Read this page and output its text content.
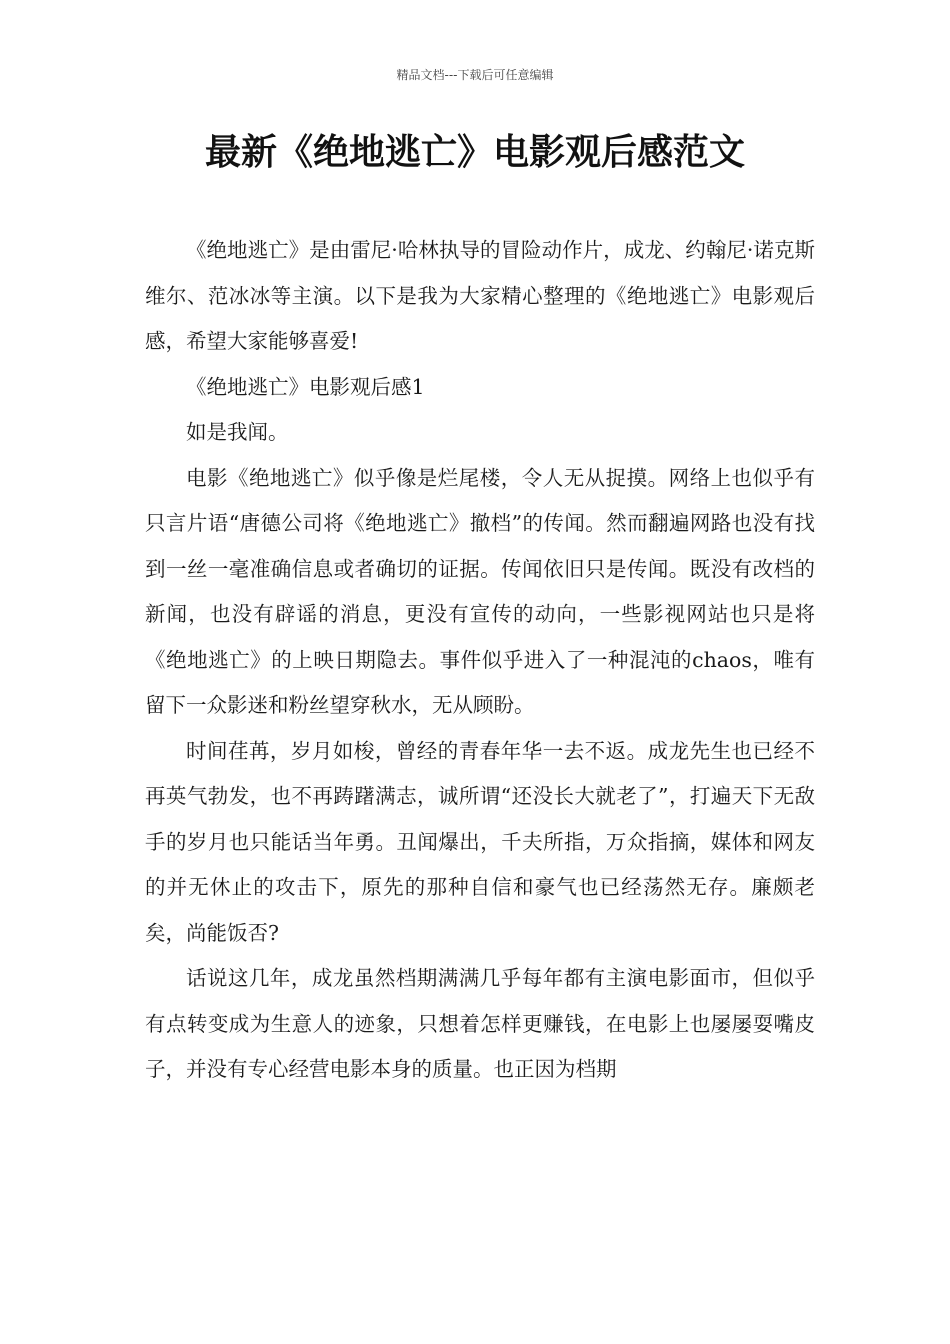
精品文档---下载后可任意编辑
最新《绝地逃亡》电影观后感范文

《绝地逃亡》是由雷尼·哈林执导的冒险动作片，成龙、约翰尼·诺克斯维尔、范冰冰等主演。以下是我为大家精心整理的《绝地逃亡》电影观后感，希望大家能够喜爱!

《绝地逃亡》电影观后感1

如是我闻。

电影《绝地逃亡》似乎像是烂尾楼，令人无从捉摸。网络上也似乎有只言片语“唐德公司将《绝地逃亡》撤档”的传闻。然而翻遍网路也没有找到一丝一毫准确信息或者确切的证据。传闻依旧只是传闻。既没有改档的新闻，也没有辟谣的消息，更没有宣传的动向，一些影视网站也只是将《绝地逃亡》的上映日期隐去。事件似乎进入了一种混沌的chaos，唯有留下一众影迷和粉丝望穿秋水，无从顾盼。

时间荏苒，岁月如梭，曾经的青春年华一去不返。成龙先生也已经不再英气勃发，也不再踌躇满志，诚所谓“还没长大就老了”，打遍天下无敌手的岁月也只能话当年勇。丑闻爆出，千夫所指，万众指摘，媒体和网友的并无休止的攻击下，原先的那种自信和豪气也已经荡然无存。廉颇老矣，尚能饭否?

话说这几年，成龙虽然档期满满几乎每年都有主演电影面市，但似乎有点转变成为生意人的迹象，只想着怎样更赚钱，在电影上也屡屡耍嘴皮子，并没有专心经营电影本身的质量。也正因为档期
